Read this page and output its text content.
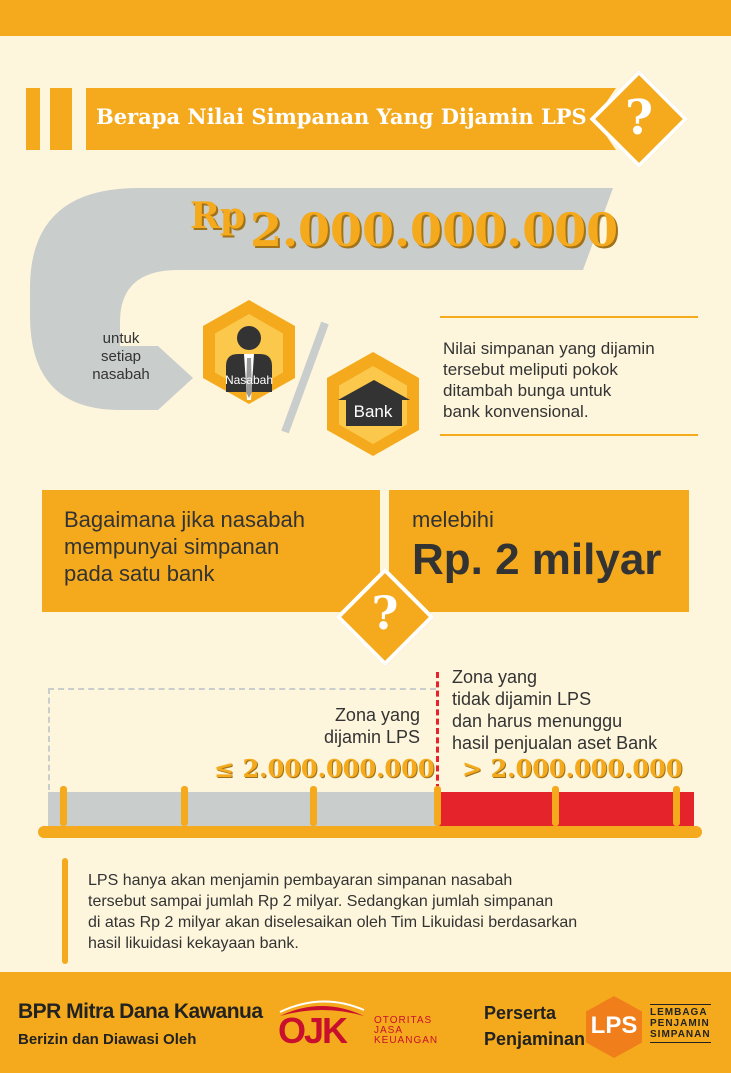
Berapa Nilai Simpanan Yang Dijamin LPS ?
Rp 2.000.000.000
untuk
setiap
nasabah	Nasabah
Bank
Nilai simpanan yang dijamin
tersebut meliputi pokok
ditambah bunga untuk
bank konvensional.
Bagaimana jika nasabah
mempunyai simpanan
pada satu bank
melebihi
Rp. 2 milyar
?
Zona yang
dijamin LPS
≤ 2.000.000.000
Zona yang
tidak dijamin LPS
dan harus menunggu
hasil penjualan aset Bank
> 2.000.000.000
LPS hanya akan menjamin pembayaran simpanan nasabah
tersebut sampai jumlah Rp 2 milyar. Sedangkan jumlah simpanan
di atas Rp 2 milyar akan diselesaikan oleh Tim Likuidasi berdasarkan
hasil likuidasi kekayaan bank.
BPR Mitra Dana Kawanua
Berizin dan Diawasi Oleh OJK	OTORITAS
JASA
KEUANGAN
Perserta
Penjaminan LPS	LEMBAGA
PENJAMIN
SIMPANAN
